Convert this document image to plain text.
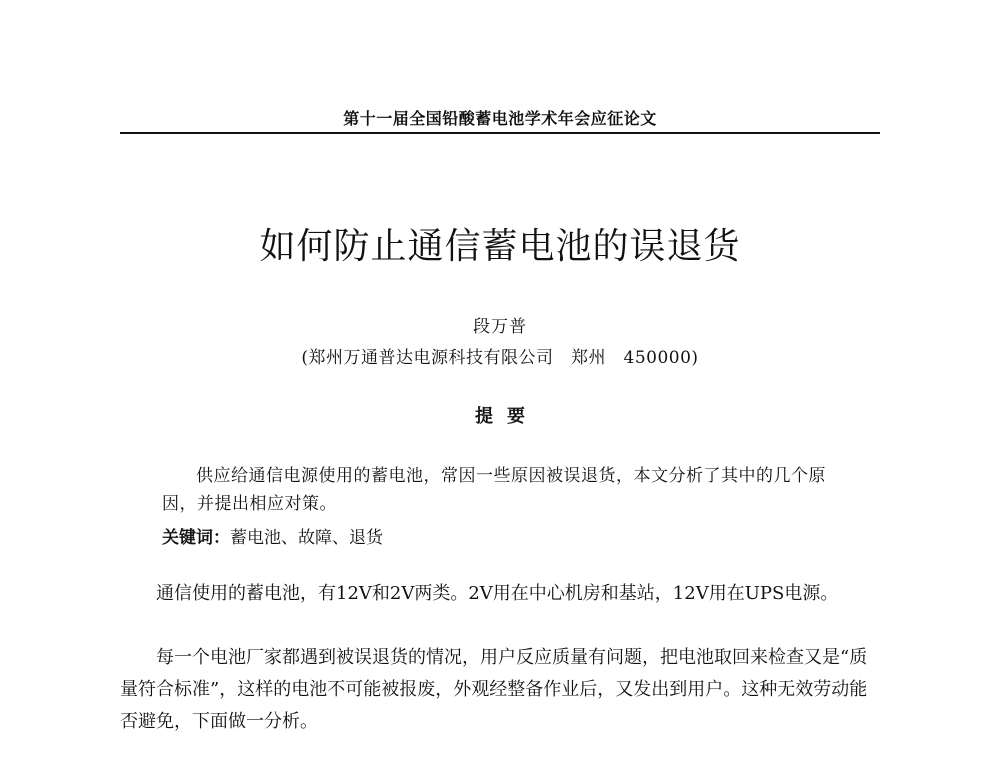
第十一届全国铅酸蓄电池学术年会应征论文
如何防止通信蓄电池的误退货
段万普
(郑州万通普达电源科技有限公司　郑州　450000)
提要

供应给通信电源使用的蓄电池，常因一些原因被误退货，本文分析了其中的几个原因，并提出相应对策。

关键词：蓄电池、故障、退货

通信使用的蓄电池，有12V和2V两类。2V用在中心机房和基站，12V用在UPS电源。

每一个电池厂家都遇到被误退货的情况，用户反应质量有问题，把电池取回来检查又是“质量符合标准”，这样的电池不可能被报废，外观经整备作业后，又发出到用户。这种无效劳动能否避免，下面做一分析。
